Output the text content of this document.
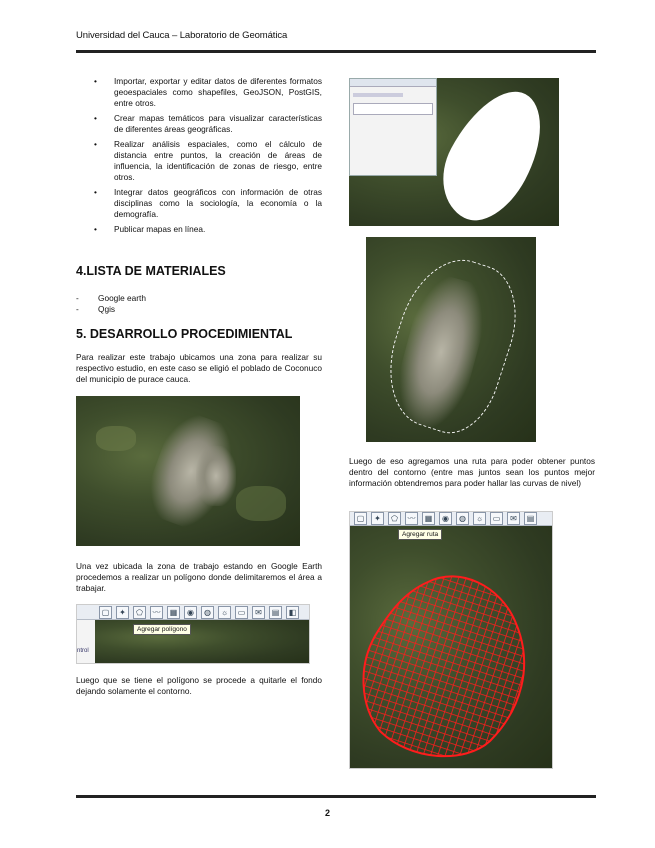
Universidad del Cauca – Laboratorio de Geomática
• Importar, exportar y editar datos de diferentes formatos geoespaciales como shapefiles, GeoJSON, PostGIS, entre otros.
• Crear mapas temáticos para visualizar características de diferentes áreas geográficas.
• Realizar análisis espaciales, como el cálculo de distancia entre puntos, la creación de áreas de influencia, la identificación de zonas de riesgo, entre otros.
• Integrar datos geográficos con información de otras disciplinas como la sociología, la economía o la demografía.
• Publicar mapas en línea.
4.LISTA DE MATERIALES
- Google earth
- Qgis
5. DESARROLLO PROCEDIMIENTAL
Para realizar este trabajo ubicamos una zona para realizar su respectivo estudio, en este caso se eligió el poblado de Coconuco del municipio de purace cauca.
Una vez ubicada la zona de trabajo estando en Google Earth procedemos a realizar un polígono donde delimitaremos el área a trabajar.
▢	✦	⬠	〰	▦	◉	◍	☼	▭	✉	▤	◧
ntrol
Agregar polígono
Luego que se tiene el polígono se procede a quitarle el fondo dejando solamente el contorno.
Luego de eso agregamos una ruta para poder obtener puntos dentro del contorno (entre mas juntos sean los puntos mejor información obtendremos para poder hallar las curvas de nivel)
▢	✦	⬠	〰	▦	◉	◍	☼	▭	✉	▤
Agregar ruta
2
